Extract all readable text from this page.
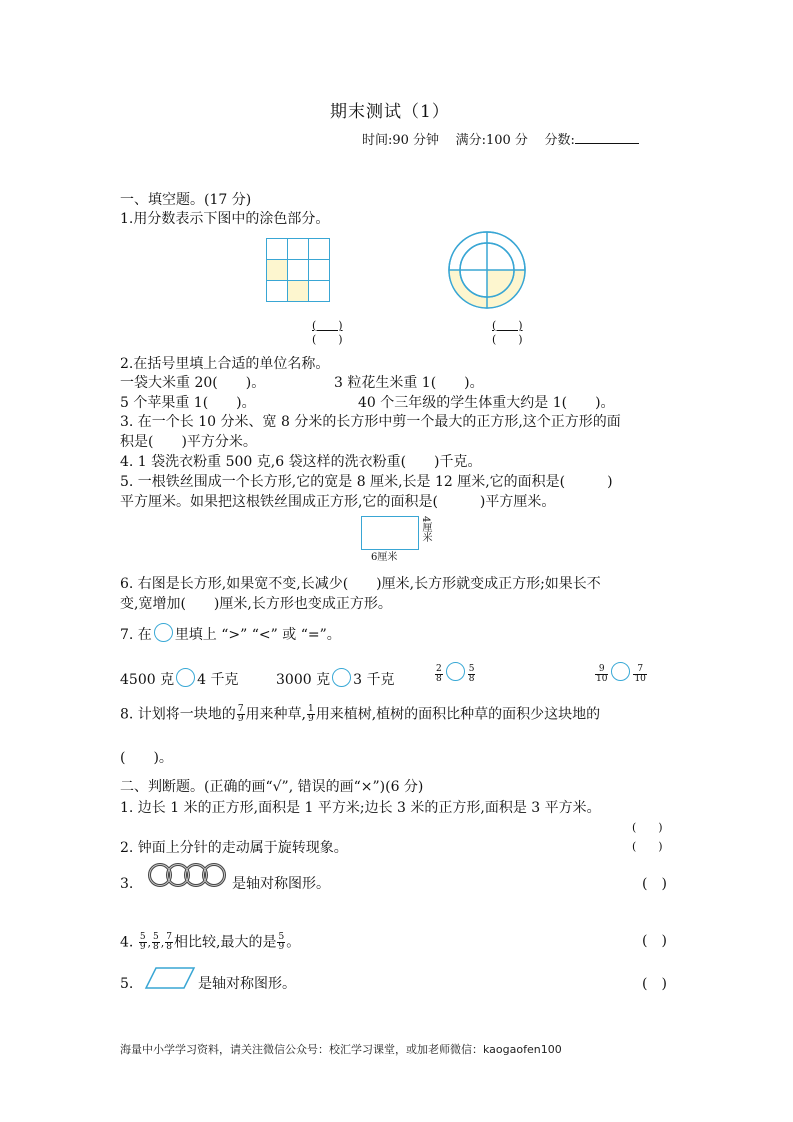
期末测试（1）
时间:90 分钟 满分:100 分 分数:
一、填空题。(17 分)
1.用分数表示下图中的涂色部分。

(　　)
(　　)
(　　)
(　　)
2.在括号里填上合适的单位名称。
一袋大米重 20(　　)。	3 粒花生米重 1(　　)。
5 个苹果重 1(　　)。	40 个三年级的学生体重大约是 1(　　)。
3. 在一个长 10 分米、宽 8 分米的长方形中剪一个最大的正方形,这个正方形的面
积是(　　)平方分米。
4. 1 袋洗衣粉重 500 克,6 袋这样的洗衣粉重(　　)千克。
5. 一根铁丝围成一个长方形,它的宽是 8 厘米,长是 12 厘米,它的面积是(　　　)
平方厘米。如果把这根铁丝围成正方形,它的面积是(　　　)平方厘米。
4厘米
6厘米
6. 右图是长方形,如果宽不变,长减少(　　)厘米,长方形就变成正方形;如果长不
变,宽增加(　　)厘米,长方形也变成正方形。
7. 在 里填上 “>” “<” 或 “=”。
4500 克 4 千克	3000 克 3 千克	$\frac{2}{8}$	$\frac{5}{8}$	$\frac{9}{10}$	$\frac{7}{10}$
8. 计划将一块地的 $\frac{7}{9}$ 用来种草, $\frac{1}{9}$ 用来植树,植树的面积比种草的面积少这块地的
(　　)。
二、判断题。(正确的画“√”, 错误的画“×”)(6 分)
1. 边长 1 米的正方形,面积是 1 平方米;边长 3 米的正方形,面积是 3 平方米。
(　　)
2. 钟面上分针的走动属于旋转现象。	(　　)
3.	是轴对称图形。	(　)
4. $\frac{5}{9}$ , $\frac{5}{8}$ , $\frac{7}{8}$ 相比较,最大的是 $\frac{5}{9}$ 。	(　)
5.	是轴对称图形。	(　)
海量中小学学习资料，请关注微信公众号：校汇学习课堂，或加老师微信：kaogaofen100
